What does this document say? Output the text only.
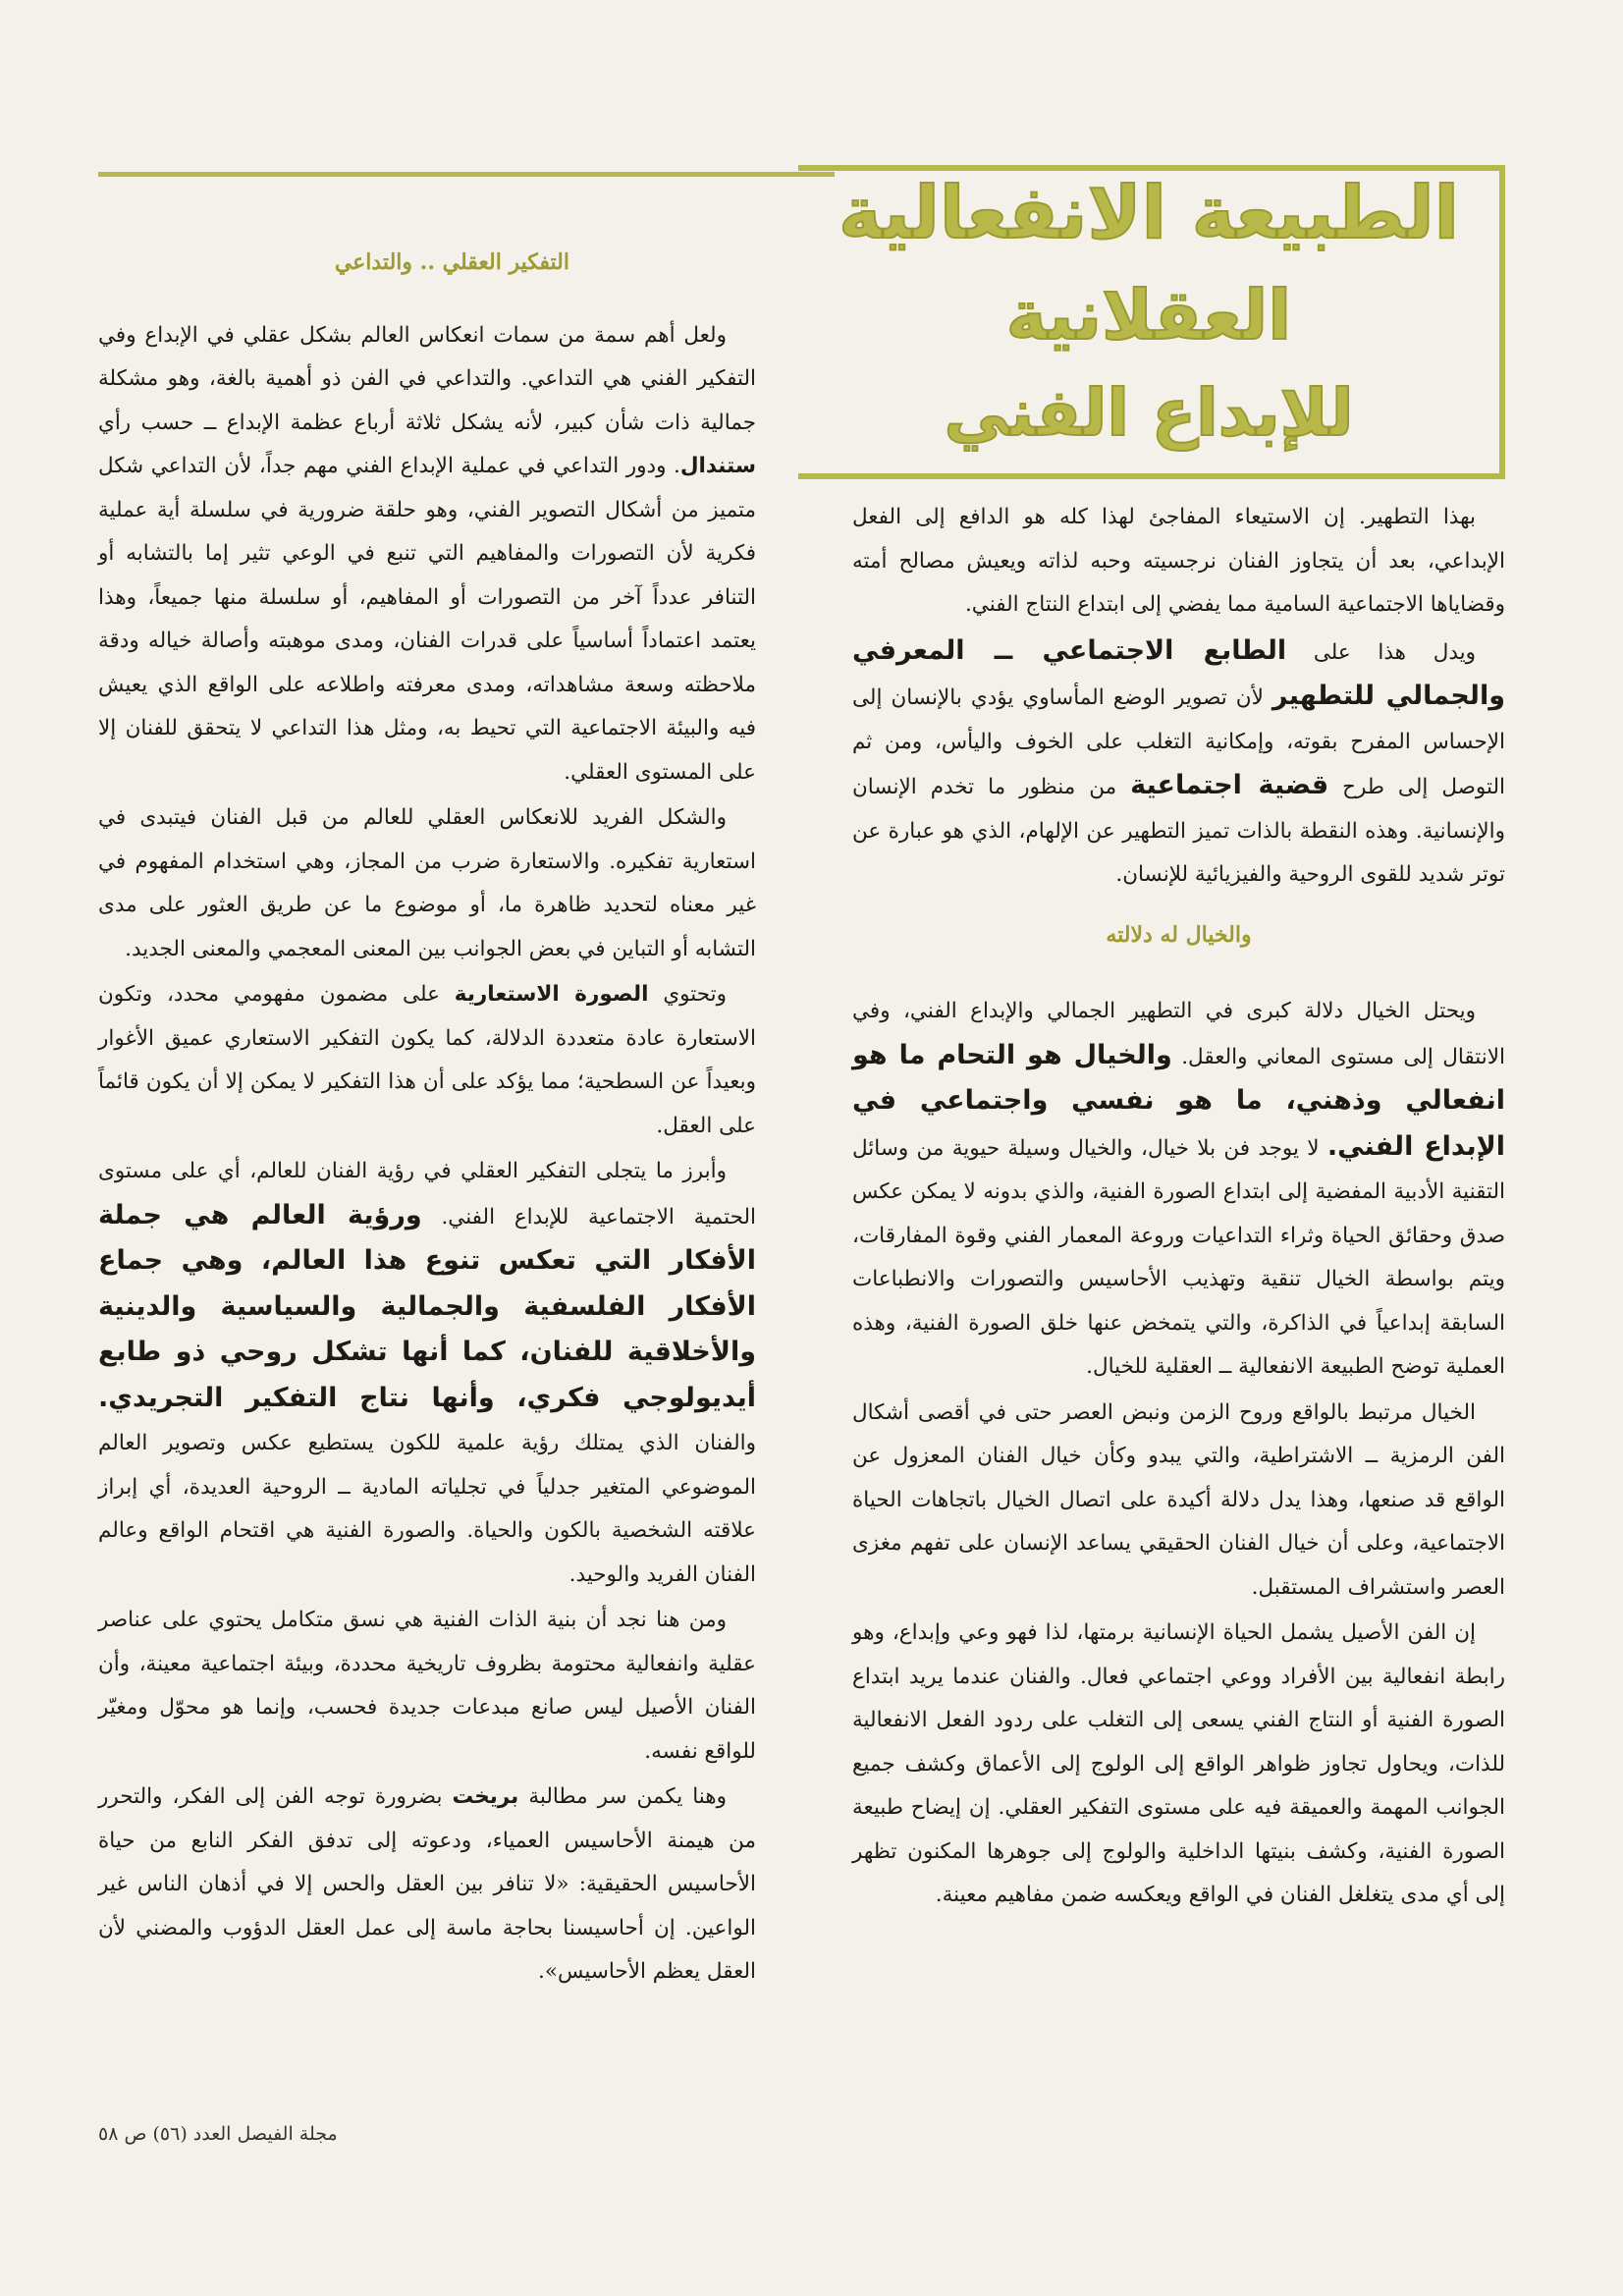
الطبيعة الانفعالية
العقلانية
للإبداع الفني

بهذا التطهير. إن الاستيعاء المفاجئ لهذا كله هو الدافع إلى الفعل الإبداعي، بعد أن يتجاوز الفنان نرجسيته وحبه لذاته ويعيش مصالح أمته وقضاياها الاجتماعية السامية مما يفضي إلى ابتداع النتاج الفني.

ويدل هذا على الطابع الاجتماعي ــ المعرفي والجمالي للتطهير لأن تصوير الوضع المأساوي يؤدي بالإنسان إلى الإحساس المفرح بقوته، وإمكانية التغلب على الخوف واليأس، ومن ثم التوصل إلى طرح قضية اجتماعية من منظور ما تخدم الإنسان والإنسانية. وهذه النقطة بالذات تميز التطهير عن الإلهام، الذي هو عبارة عن توتر شديد للقوى الروحية والفيزيائية للإنسان.

والخيال له دلالته

ويحتل الخيال دلالة كبرى في التطهير الجمالي والإبداع الفني، وفي الانتقال إلى مستوى المعاني والعقل. والخيال هو التحام ما هو انفعالي وذهني، ما هو نفسي واجتماعي في الإبداع الفني. لا يوجد فن بلا خيال، والخيال وسيلة حيوية من وسائل التقنية الأدبية المفضية إلى ابتداع الصورة الفنية، والذي بدونه لا يمكن عكس صدق وحقائق الحياة وثراء التداعيات وروعة المعمار الفني وقوة المفارقات، ويتم بواسطة الخيال تنقية وتهذيب الأحاسيس والتصورات والانطباعات السابقة إبداعياً في الذاكرة، والتي يتمخض عنها خلق الصورة الفنية، وهذه العملية توضح الطبيعة الانفعالية ــ العقلية للخيال.

الخيال مرتبط بالواقع وروح الزمن ونبض العصر حتى في أقصى أشكال الفن الرمزية ــ الاشتراطية، والتي يبدو وكأن خيال الفنان المعزول عن الواقع قد صنعها، وهذا يدل دلالة أكيدة على اتصال الخيال باتجاهات الحياة الاجتماعية، وعلى أن خيال الفنان الحقيقي يساعد الإنسان على تفهم مغزى العصر واستشراف المستقبل.

إن الفن الأصيل يشمل الحياة الإنسانية برمتها، لذا فهو وعي وإبداع، وهو رابطة انفعالية بين الأفراد ووعي اجتماعي فعال. والفنان عندما يريد ابتداع الصورة الفنية أو النتاج الفني يسعى إلى التغلب على ردود الفعل الانفعالية للذات، ويحاول تجاوز ظواهر الواقع إلى الولوج إلى الأعماق وكشف جميع الجوانب المهمة والعميقة فيه على مستوى التفكير العقلي. إن إيضاح طبيعة الصورة الفنية، وكشف بنيتها الداخلية والولوج إلى جوهرها المكنون تظهر إلى أي مدى يتغلغل الفنان في الواقع ويعكسه ضمن مفاهيم معينة.

التفكير العقلي .. والتداعي

ولعل أهم سمة من سمات انعكاس العالم بشكل عقلي في الإبداع وفي التفكير الفني هي التداعي. والتداعي في الفن ذو أهمية بالغة، وهو مشكلة جمالية ذات شأن كبير، لأنه يشكل ثلاثة أرباع عظمة الإبداع ــ حسب رأي ستندال. ودور التداعي في عملية الإبداع الفني مهم جداً، لأن التداعي شكل متميز من أشكال التصوير الفني، وهو حلقة ضرورية في سلسلة أية عملية فكرية لأن التصورات والمفاهيم التي تنبع في الوعي تثير إما بالتشابه أو التنافر عدداً آخر من التصورات أو المفاهيم، أو سلسلة منها جميعاً، وهذا يعتمد اعتماداً أساسياً على قدرات الفنان، ومدى موهبته وأصالة خياله ودقة ملاحظته وسعة مشاهداته، ومدى معرفته واطلاعه على الواقع الذي يعيش فيه والبيئة الاجتماعية التي تحيط به، ومثل هذا التداعي لا يتحقق للفنان إلا على المستوى العقلي.

والشكل الفريد للانعكاس العقلي للعالم من قبل الفنان فيتبدى في استعارية تفكيره. والاستعارة ضرب من المجاز، وهي استخدام المفهوم في غير معناه لتحديد ظاهرة ما، أو موضوع ما عن طريق العثور على مدى التشابه أو التباين في بعض الجوانب بين المعنى المعجمي والمعنى الجديد.

وتحتوي الصورة الاستعارية على مضمون مفهومي محدد، وتكون الاستعارة عادة متعددة الدلالة، كما يكون التفكير الاستعاري عميق الأغوار وبعيداً عن السطحية؛ مما يؤكد على أن هذا التفكير لا يمكن إلا أن يكون قائماً على العقل.

وأبرز ما يتجلى التفكير العقلي في رؤية الفنان للعالم، أي على مستوى الحتمية الاجتماعية للإبداع الفني. ورؤية العالم هي جملة الأفكار التي تعكس تنوع هذا العالم، وهي جماع الأفكار الفلسفية والجمالية والسياسية والدينية والأخلاقية للفنان، كما أنها تشكل روحي ذو طابع أيديولوجي فكري، وأنها نتاج التفكير التجريدي. والفنان الذي يمتلك رؤية علمية للكون يستطيع عكس وتصوير العالم الموضوعي المتغير جدلياً في تجلياته المادية ــ الروحية العديدة، أي إبراز علاقته الشخصية بالكون والحياة. والصورة الفنية هي اقتحام الواقع وعالم الفنان الفريد والوحيد.

ومن هنا نجد أن بنية الذات الفنية هي نسق متكامل يحتوي على عناصر عقلية وانفعالية محتومة بظروف تاريخية محددة، وبيئة اجتماعية معينة، وأن الفنان الأصيل ليس صانع مبدعات جديدة فحسب، وإنما هو محوّل ومغيّر للواقع نفسه.

وهنا يكمن سر مطالبة بريخت بضرورة توجه الفن إلى الفكر، والتحرر من هيمنة الأحاسيس العمياء، ودعوته إلى تدفق الفكر النابع من حياة الأحاسيس الحقيقية: «لا تنافر بين العقل والحس إلا في أذهان الناس غير الواعين. إن أحاسيسنا بحاجة ماسة إلى عمل العقل الدؤوب والمضني لأن العقل يعظم الأحاسيس».

مجلة الفيصل العدد (٥٦) ص ٥٨
